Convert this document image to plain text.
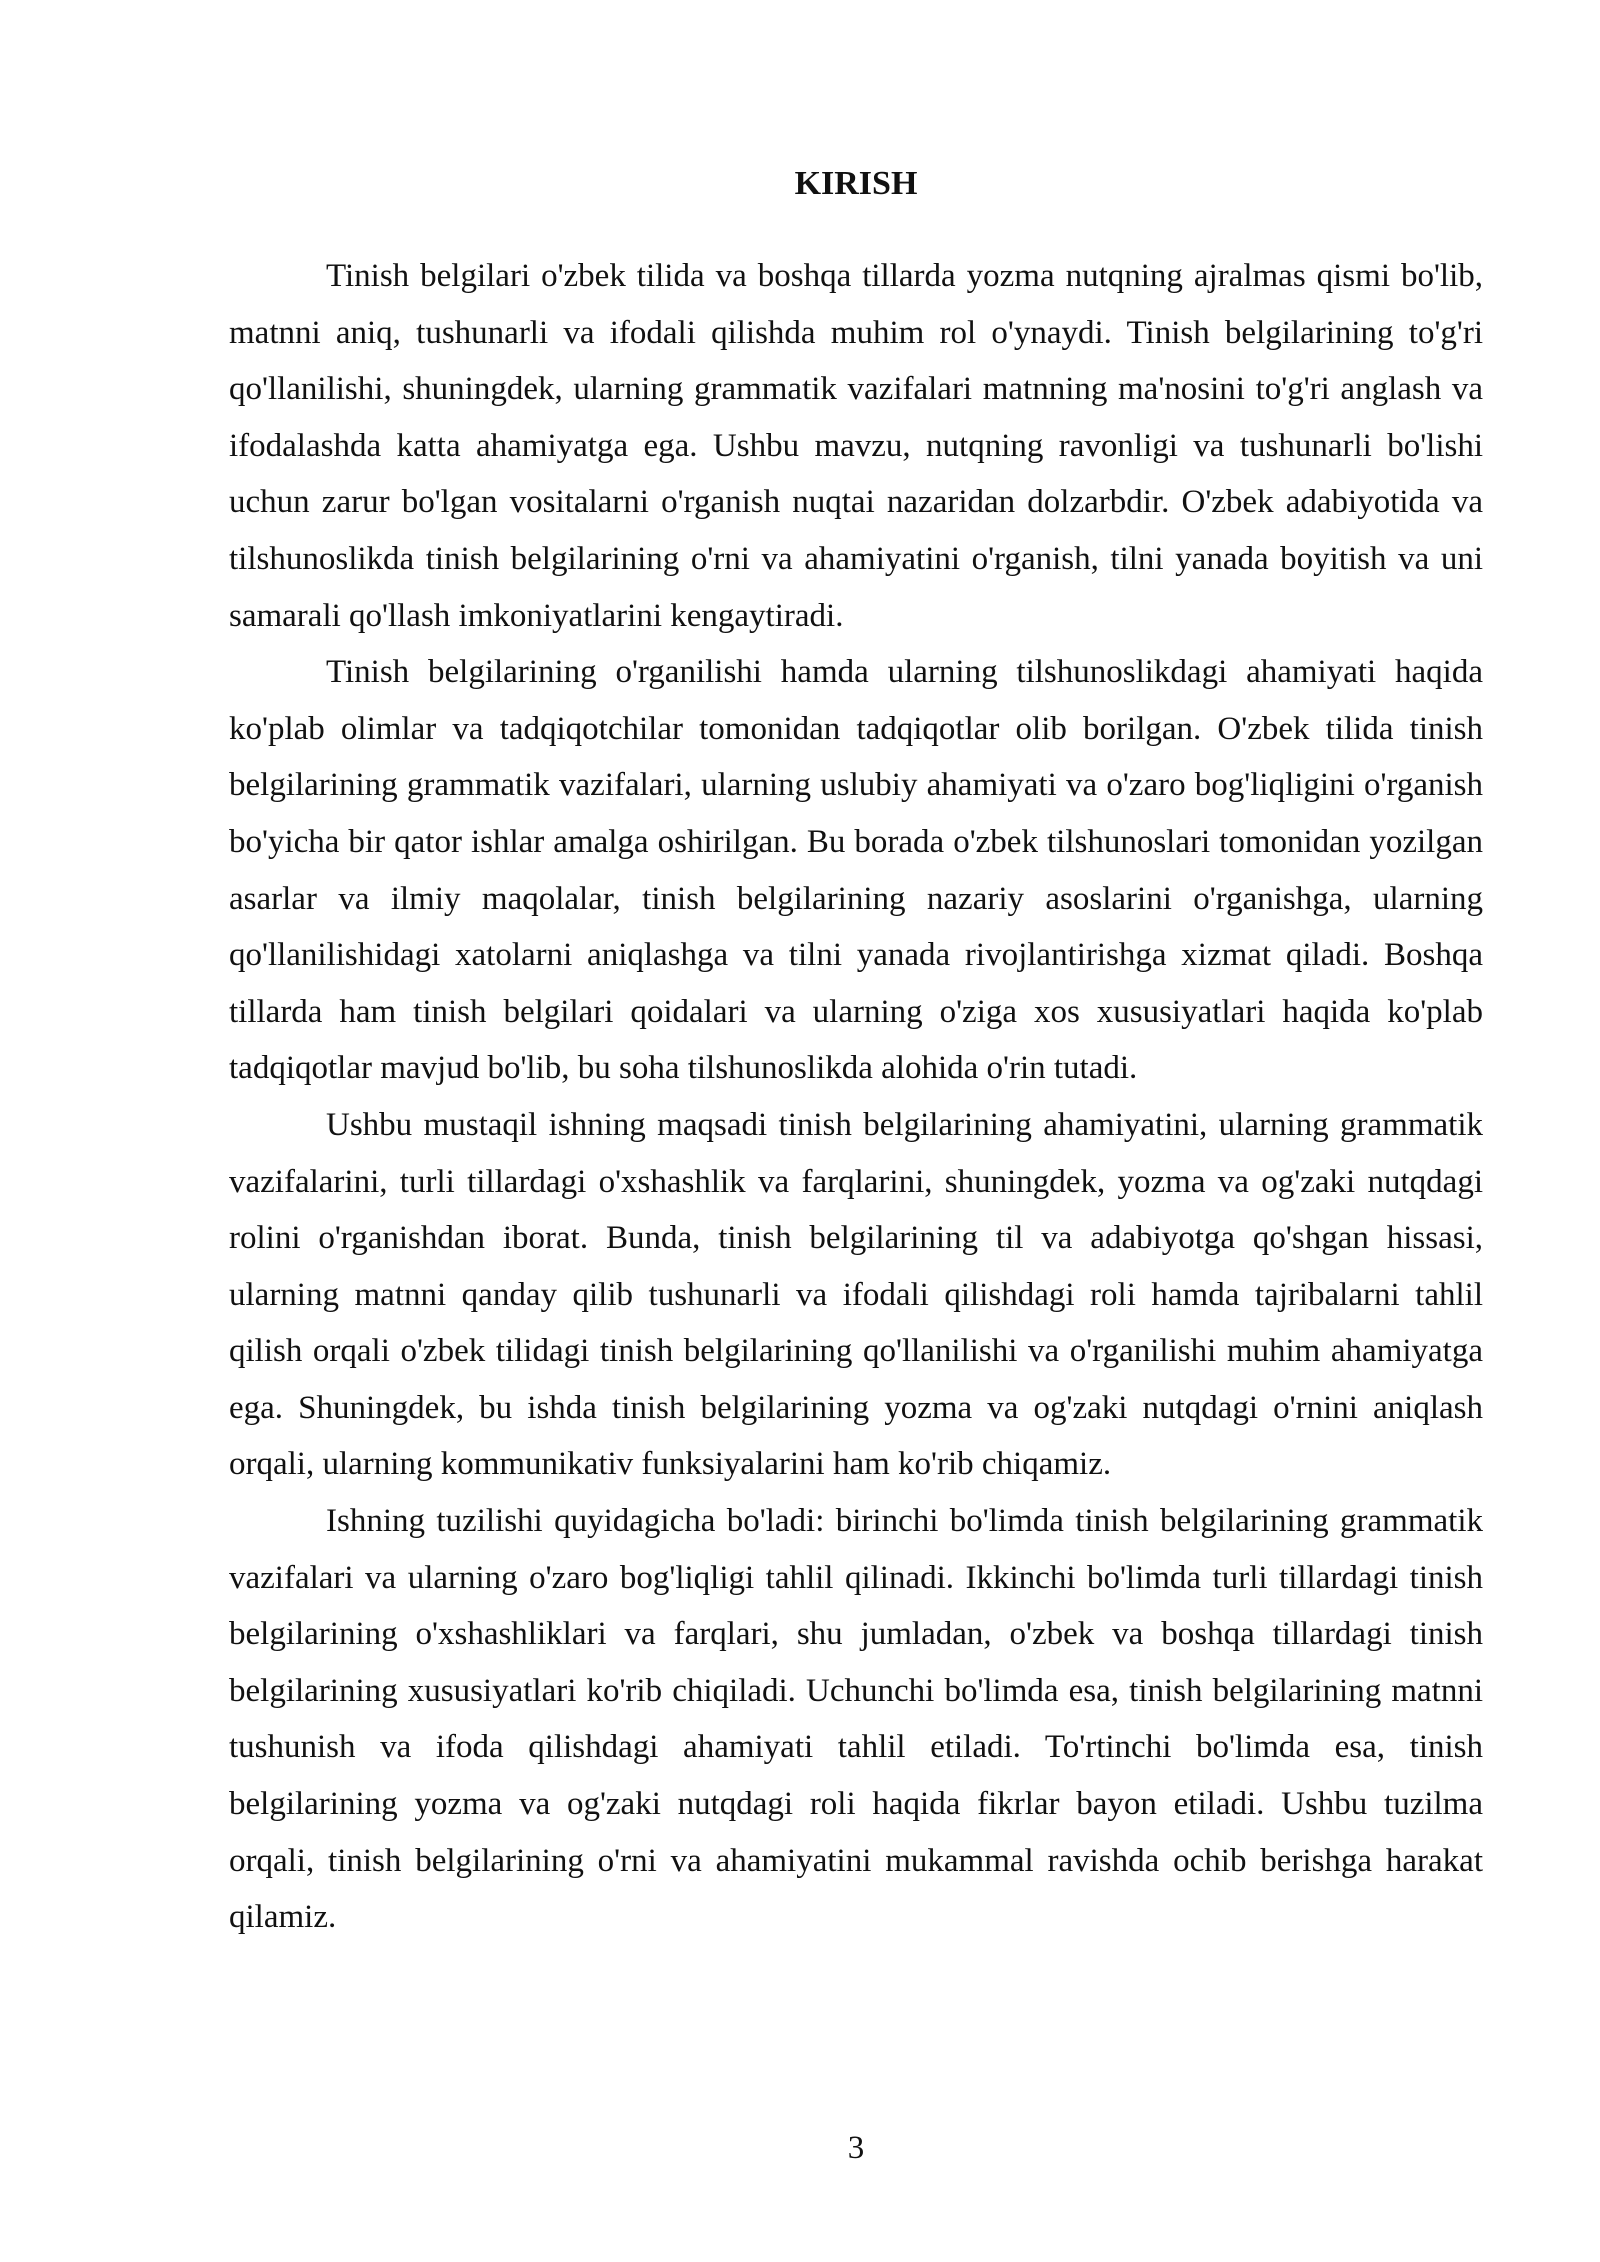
KIRISH

Tinish belgilari o'zbek tilida va boshqa tillarda yozma nutqning ajralmas qismi bo'lib, matnni aniq, tushunarli va ifodali qilishda muhim rol o'ynaydi. Tinish belgilarining to'g'ri qo'llanilishi, shuningdek, ularning grammatik vazifalari matnning ma'nosini to'g'ri anglash va ifodalashda katta ahamiyatga ega. Ushbu mavzu, nutqning ravonligi va tushunarli bo'lishi uchun zarur bo'lgan vositalarni o'rganish nuqtai nazaridan dolzarbdir. O'zbek adabiyotida va tilshunoslikda tinish belgilarining o'rni va ahamiyatini o'rganish, tilni yanada boyitish va uni samarali qo'llash imkoniyatlarini kengaytiradi.

Tinish belgilarining o'rganilishi hamda ularning tilshunoslikdagi ahamiyati haqida ko'plab olimlar va tadqiqotchilar tomonidan tadqiqotlar olib borilgan. O'zbek tilida tinish belgilarining grammatik vazifalari, ularning uslubiy ahamiyati va o'zaro bog'liqligini o'rganish bo'yicha bir qator ishlar amalga oshirilgan. Bu borada o'zbek tilshunoslari tomonidan yozilgan asarlar va ilmiy maqolalar, tinish belgilarining nazariy asoslarini o'rganishga, ularning qo'llanilishidagi xatolarni aniqlashga va tilni yanada rivojlantirishga xizmat qiladi. Boshqa tillarda ham tinish belgilari qoidalari va ularning o'ziga xos xususiyatlari haqida ko'plab tadqiqotlar mavjud bo'lib, bu soha tilshunoslikda alohida o'rin tutadi.

Ushbu mustaqil ishning maqsadi tinish belgilarining ahamiyatini, ularning grammatik vazifalarini, turli tillardagi o'xshashlik va farqlarini, shuningdek, yozma va og'zaki nutqdagi rolini o'rganishdan iborat. Bunda, tinish belgilarining til va adabiyotga qo'shgan hissasi, ularning matnni qanday qilib tushunarli va ifodali qilishdagi roli hamda tajribalarni tahlil qilish orqali o'zbek tilidagi tinish belgilarining qo'llanilishi va o'rganilishi muhim ahamiyatga ega. Shuningdek, bu ishda tinish belgilarining yozma va og'zaki nutqdagi o'rnini aniqlash orqali, ularning kommunikativ funksiyalarini ham ko'rib chiqamiz.

Ishning tuzilishi quyidagicha bo'ladi: birinchi bo'limda tinish belgilarining grammatik vazifalari va ularning o'zaro bog'liqligi tahlil qilinadi. Ikkinchi bo'limda turli tillardagi tinish belgilarining o'xshashliklari va farqlari, shu jumladan, o'zbek va boshqa tillardagi tinish belgilarining xususiyatlari ko'rib chiqiladi. Uchunchi bo'limda esa, tinish belgilarining matnni tushunish va ifoda qilishdagi ahamiyati tahlil etiladi. To'rtinchi bo'limda esa, tinish belgilarining yozma va og'zaki nutqdagi roli haqida fikrlar bayon etiladi. Ushbu tuzilma orqali, tinish belgilarining o'rni va ahamiyatini mukammal ravishda ochib berishga harakat qilamiz.

3
